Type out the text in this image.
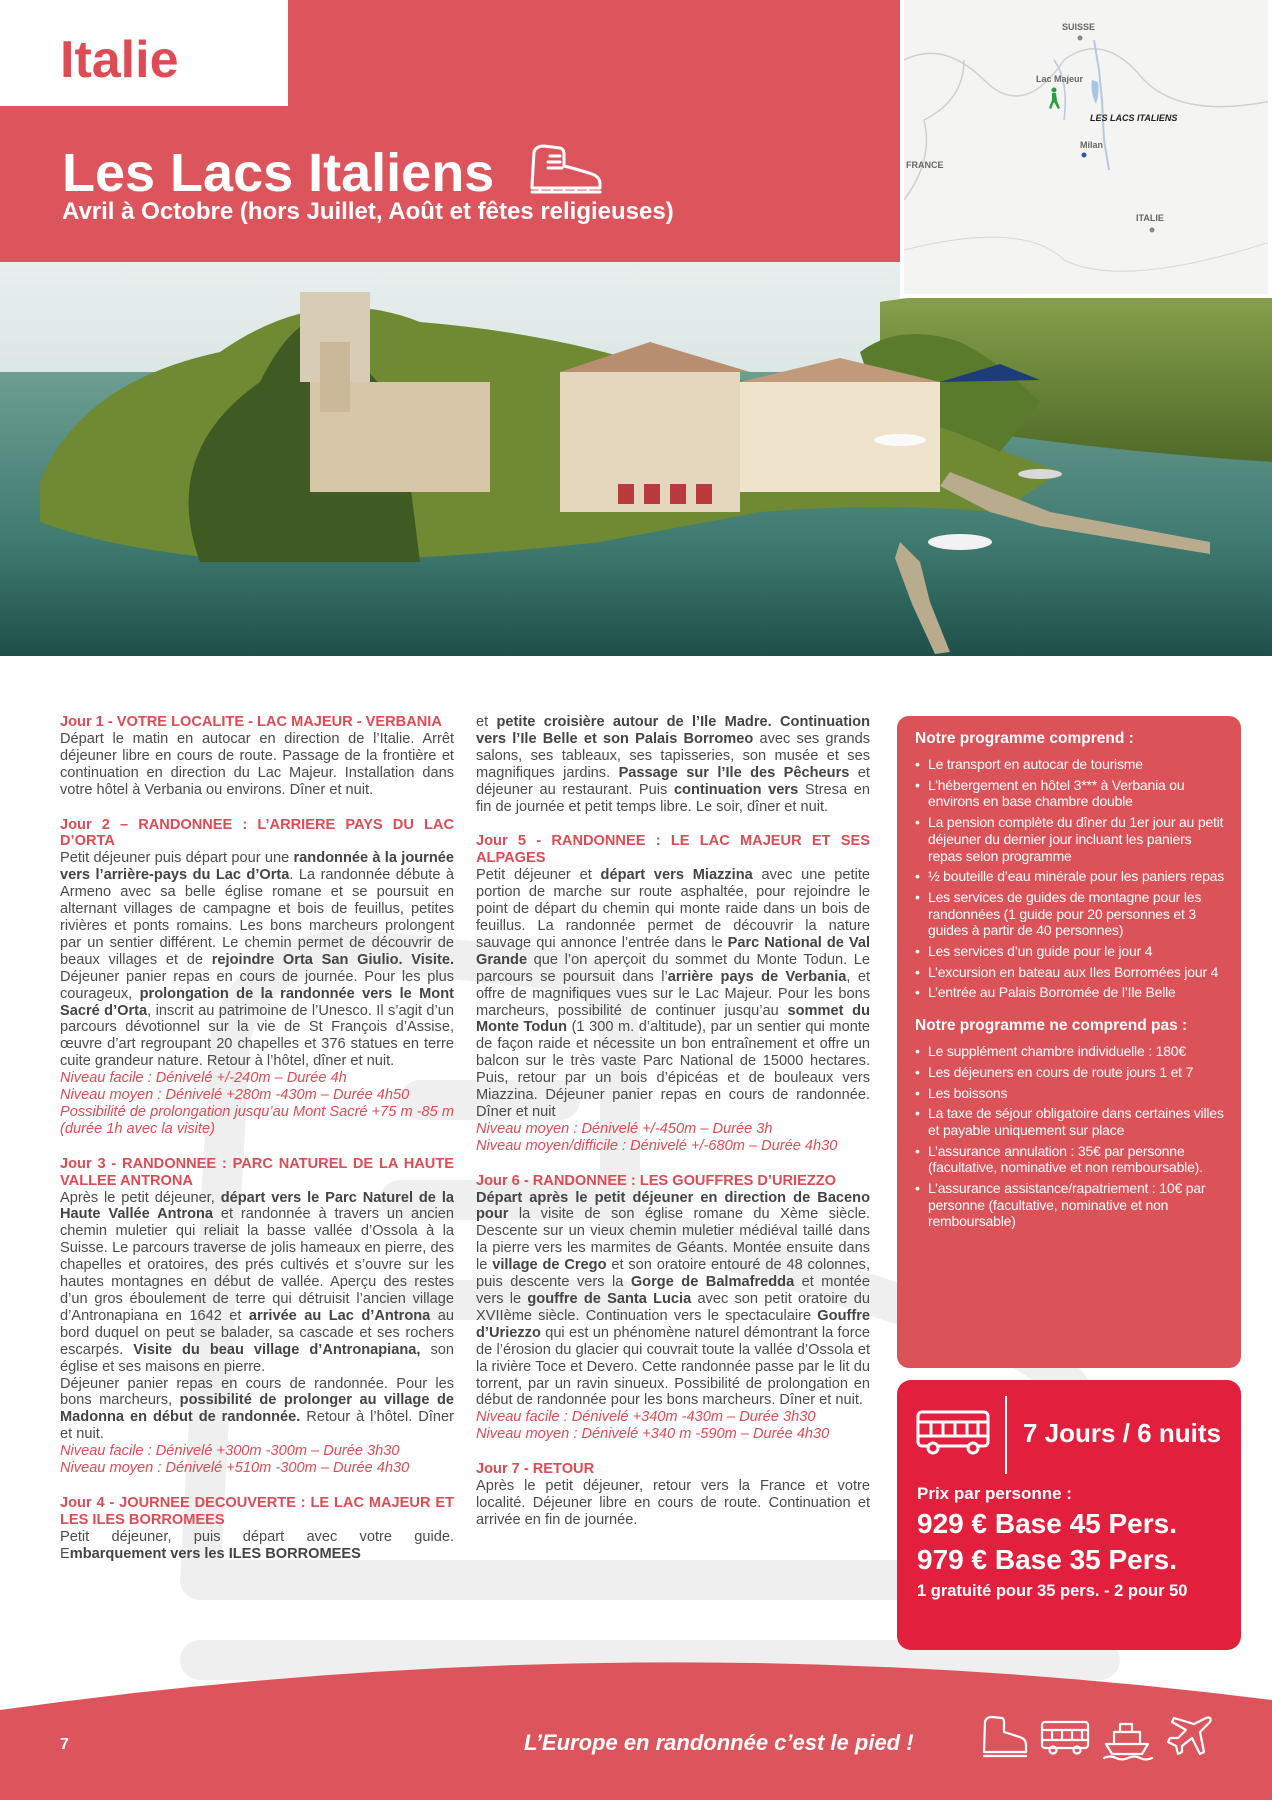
Italie
Les Lacs Italiens
Avril à Octobre (hors Juillet, Août et fêtes religieuses)
SUISSE
Lac Majeur
LES LACS ITALIENS
Milan
FRANCE
ITALIE
Jour 1 - VOTRE LOCALITE - LAC MAJEUR - VERBANIA

Départ le matin en autocar en direction de l’Italie. Arrêt déjeuner libre en cours de route. Passage de la frontière et continuation en direction du Lac Majeur. Installation dans votre hôtel à Verbania ou environs. Dîner et nuit.

Jour 2 – RANDONNEE : L’ARRIERE PAYS DU LAC D’ORTA

Petit déjeuner puis départ pour une randonnée à la journée vers l’arrière-pays du Lac d’Orta. La randonnée débute à Armeno avec sa belle église romane et se poursuit en alternant villages de campagne et bois de feuillus, petites rivières et ponts romains. Les bons marcheurs prolongent par un sentier différent. Le chemin permet de découvrir de beaux villages et de rejoindre Orta San Giulio. Visite. Déjeuner panier repas en cours de journée. Pour les plus courageux, prolongation de la randonnée vers le Mont Sacré d’Orta, inscrit au patrimoine de l’Unesco. Il s’agit d’un parcours dévotionnel sur la vie de St François d’Assise, œuvre d’art regroupant 20 chapelles et 376 statues en terre cuite grandeur nature. Retour à l’hôtel, dîner et nuit.

Niveau facile : Dénivelé +/-240m – Durée 4h
Niveau moyen : Dénivelé +280m -430m – Durée 4h50
Possibilité de prolongation jusqu’au Mont Sacré +75 m -85 m (durée 1h avec la visite)
Jour 3 - RANDONNEE : PARC NATUREL DE LA HAUTE VALLEE ANTRONA

Après le petit déjeuner, départ vers le Parc Naturel de la Haute Vallée Antrona et randonnée à travers un ancien chemin muletier qui reliait la basse vallée d’Ossola à la Suisse. Le parcours traverse de jolis hameaux en pierre, des chapelles et oratoires, des prés cultivés et s’ouvre sur les hautes montagnes en début de vallée. Aperçu des restes d’un gros éboulement de terre qui détruisit l’ancien village d’Antronapiana en 1642 et arrivée au Lac d’Antrona au bord duquel on peut se balader, sa cascade et ses rochers escarpés. Visite du beau village d’Antronapiana, son église et ses maisons en pierre.
Déjeuner panier repas en cours de randonnée. Pour les bons marcheurs, possibilité de prolonger au village de Madonna en début de randonnée. Retour à l’hôtel. Dîner et nuit.

Niveau facile : Dénivelé +300m -300m – Durée 3h30
Niveau moyen : Dénivelé +510m -300m – Durée 4h30
Jour 4 - JOURNEE DECOUVERTE : LE LAC MAJEUR ET LES ILES BORROMEES

Petit déjeuner, puis départ avec votre guide. Embarquement vers les ILES BORROMEES

et petite croisière autour de l’Ile Madre. Continuation vers l’Ile Belle et son Palais Borromeo avec ses grands salons, ses tableaux, ses tapisseries, son musée et ses magnifiques jardins. Passage sur l’Ile des Pêcheurs et déjeuner au restaurant. Puis continuation vers Stresa en fin de journée et petit temps libre. Le soir, dîner et nuit.

Jour 5 - RANDONNEE : LE LAC MAJEUR ET SES ALPAGES

Petit déjeuner et départ vers Miazzina avec une petite portion de marche sur route asphaltée, pour rejoindre le point de départ du chemin qui monte raide dans un bois de feuillus. La randonnée permet de découvrir la nature sauvage qui annonce l’entrée dans le Parc National de Val Grande que l’on aperçoit du sommet du Monte Todun. Le parcours se poursuit dans l’arrière pays de Verbania, et offre de magnifiques vues sur le Lac Majeur. Pour les bons marcheurs, possibilité de continuer jusqu’au sommet du Monte Todun (1 300 m. d’altitude), par un sentier qui monte de façon raide et nécessite un bon entraînement et offre un balcon sur le très vaste Parc National de 15000 hectares. Puis, retour par un bois d’épicéas et de bouleaux vers Miazzina. Déjeuner panier repas en cours de randonnée. Dîner et nuit

Niveau moyen : Dénivelé +/-450m – Durée 3h
Niveau moyen/difficile : Dénivelé +/-680m – Durée 4h30
Jour 6 - RANDONNEE : LES GOUFFRES D’URIEZZO

Départ après le petit déjeuner en direction de Baceno pour la visite de son église romane du Xème siècle. Descente sur un vieux chemin muletier médiéval taillé dans la pierre vers les marmites de Géants. Montée ensuite dans le village de Crego et son oratoire entouré de 48 colonnes, puis descente vers la Gorge de Balmafredda et montée vers le gouffre de Santa Lucia avec son petit oratoire du XVIIème siècle. Continuation vers le spectaculaire Gouffre d’Uriezzo qui est un phénomène naturel démontrant la force de l’érosion du glacier qui couvrait toute la vallée d’Ossola et la rivière Toce et Devero. Cette randonnée passe par le lit du torrent, par un ravin sinueux. Possibilité de prolongation en début de randonnée pour les bons marcheurs. Dîner et nuit.

Niveau facile : Dénivelé +340m -430m – Durée 3h30
Niveau moyen : Dénivelé +340 m -590m – Durée 4h30
Jour 7 - RETOUR

Après le petit déjeuner, retour vers la France et votre localité. Déjeuner libre en cours de route. Continuation et arrivée en fin de journée.

Notre programme comprend :
• Le transport en autocar de tourisme
• L’hébergement en hôtel 3*** à Verbania ou environs en base chambre double
• La pension complète du dîner du 1er jour au petit déjeuner du dernier jour incluant les paniers repas selon programme
• ½ bouteille d’eau minérale pour les paniers repas
• Les services de guides de montagne pour les randonnées (1 guide pour 20 personnes et 3 guides à partir de 40 personnes)
• Les services d’un guide pour le jour 4
• L’excursion en bateau aux Iles Borromées jour 4
• L’entrée au Palais Borromée de l’Ile Belle
Notre programme ne comprend pas :
• Le supplément chambre individuelle : 180€
• Les déjeuners en cours de route jours 1 et 7
• Les boissons
• La taxe de séjour obligatoire dans certaines villes et payable uniquement sur place
• L’assurance annulation : 35€ par personne (facultative, nominative et non remboursable).
• L’assurance assistance/rapatriement : 10€ par personne (facultative, nominative et non remboursable)
7 Jours / 6 nuits
Prix par personne :
929 € Base 45 Pers.
979 € Base 35 Pers.
1 gratuité pour 35 pers. - 2 pour 50
7	L’Europe en randonnée c’est le pied !
